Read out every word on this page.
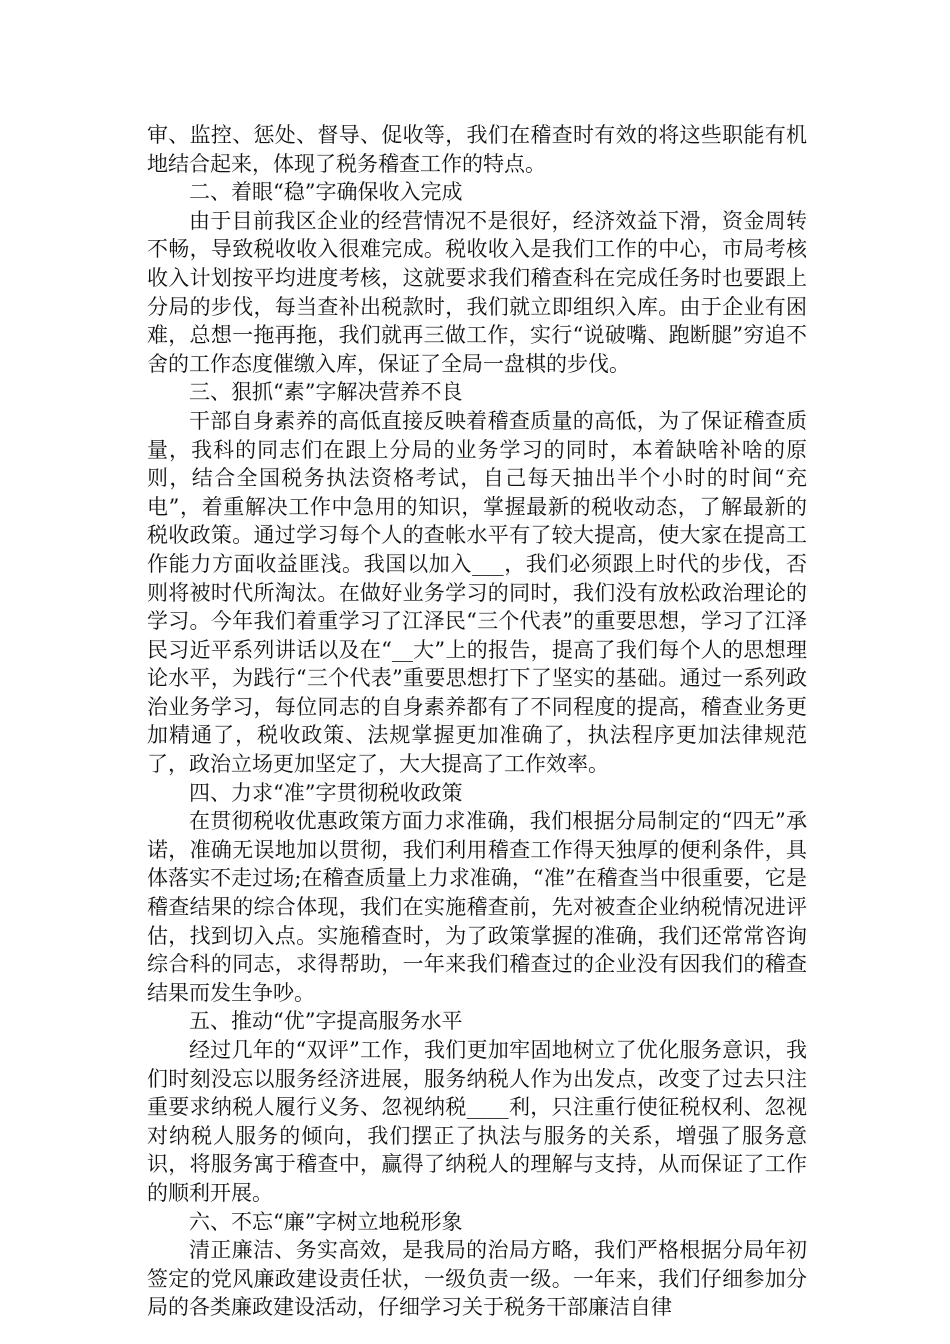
审、监控、惩处、督导、促收等，我们在稽查时有效的将这些职能有机地结合起来，体现了税务稽查工作的特点。

二、着眼“稳”字确保收入完成

由于目前我区企业的经营情况不是很好，经济效益下滑，资金周转不畅，导致税收收入很难完成。税收收入是我们工作的中心，市局考核收入计划按平均进度考核，这就要求我们稽查科在完成任务时也要跟上分局的步伐，每当查补出税款时，我们就立即组织入库。由于企业有困难，总想一拖再拖，我们就再三做工作，实行“说破嘴、跑断腿”穷追不舍的工作态度催缴入库，保证了全局一盘棋的步伐。

三、狠抓“素”字解决营养不良

干部自身素养的高低直接反映着稽查质量的高低，为了保证稽查质量，我科的同志们在跟上分局的业务学习的同时，本着缺啥补啥的原则，结合全国税务执法资格考试，自己每天抽出半个小时的时间“充电”，着重解决工作中急用的知识，掌握最新的税收动态，了解最新的税收政策。通过学习每个人的查帐水平有了较大提高，使大家在提高工作能力方面收益匪浅。我国以加入___，我们必须跟上时代的步伐，否则将被时代所淘汰。在做好业务学习的同时，我们没有放松政治理论的学习。今年我们着重学习了江泽民“三个代表”的重要思想，学习了江泽民习近平系列讲话以及在“__大”上的报告，提高了我们每个人的思想理论水平，为践行“三个代表”重要思想打下了坚实的基础。通过一系列政治业务学习，每位同志的自身素养都有了不同程度的提高，稽查业务更加精通了，税收政策、法规掌握更加准确了，执法程序更加法律规范了，政治立场更加坚定了，大大提高了工作效率。

四、力求“准”字贯彻税收政策

在贯彻税收优惠政策方面力求准确，我们根据分局制定的“四无”承诺，准确无误地加以贯彻，我们利用稽查工作得天独厚的便利条件，具体落实不走过场;在稽查质量上力求准确，“准”在稽查当中很重要，它是稽查结果的综合体现，我们在实施稽查前，先对被查企业纳税情况进评估，找到切入点。实施稽查时，为了政策掌握的准确，我们还常常咨询综合科的同志，求得帮助，一年来我们稽查过的企业没有因我们的稽查结果而发生争吵。

五、推动“优”字提高服务水平

经过几年的“双评”工作，我们更加牢固地树立了优化服务意识，我们时刻没忘以服务经济进展，服务纳税人作为出发点，改变了过去只注重要求纳税人履行义务、忽视纳税____利，只注重行使征税权利、忽视对纳税人服务的倾向，我们摆正了执法与服务的关系，增强了服务意识，将服务寓于稽查中，赢得了纳税人的理解与支持，从而保证了工作的顺利开展。

六、不忘“廉”字树立地税形象

清正廉洁、务实高效，是我局的治局方略，我们严格根据分局年初签定的党风廉政建设责任状，一级负责一级。一年来，我们仔细参加分局的各类廉政建设活动，仔细学习关于税务干部廉洁自律
